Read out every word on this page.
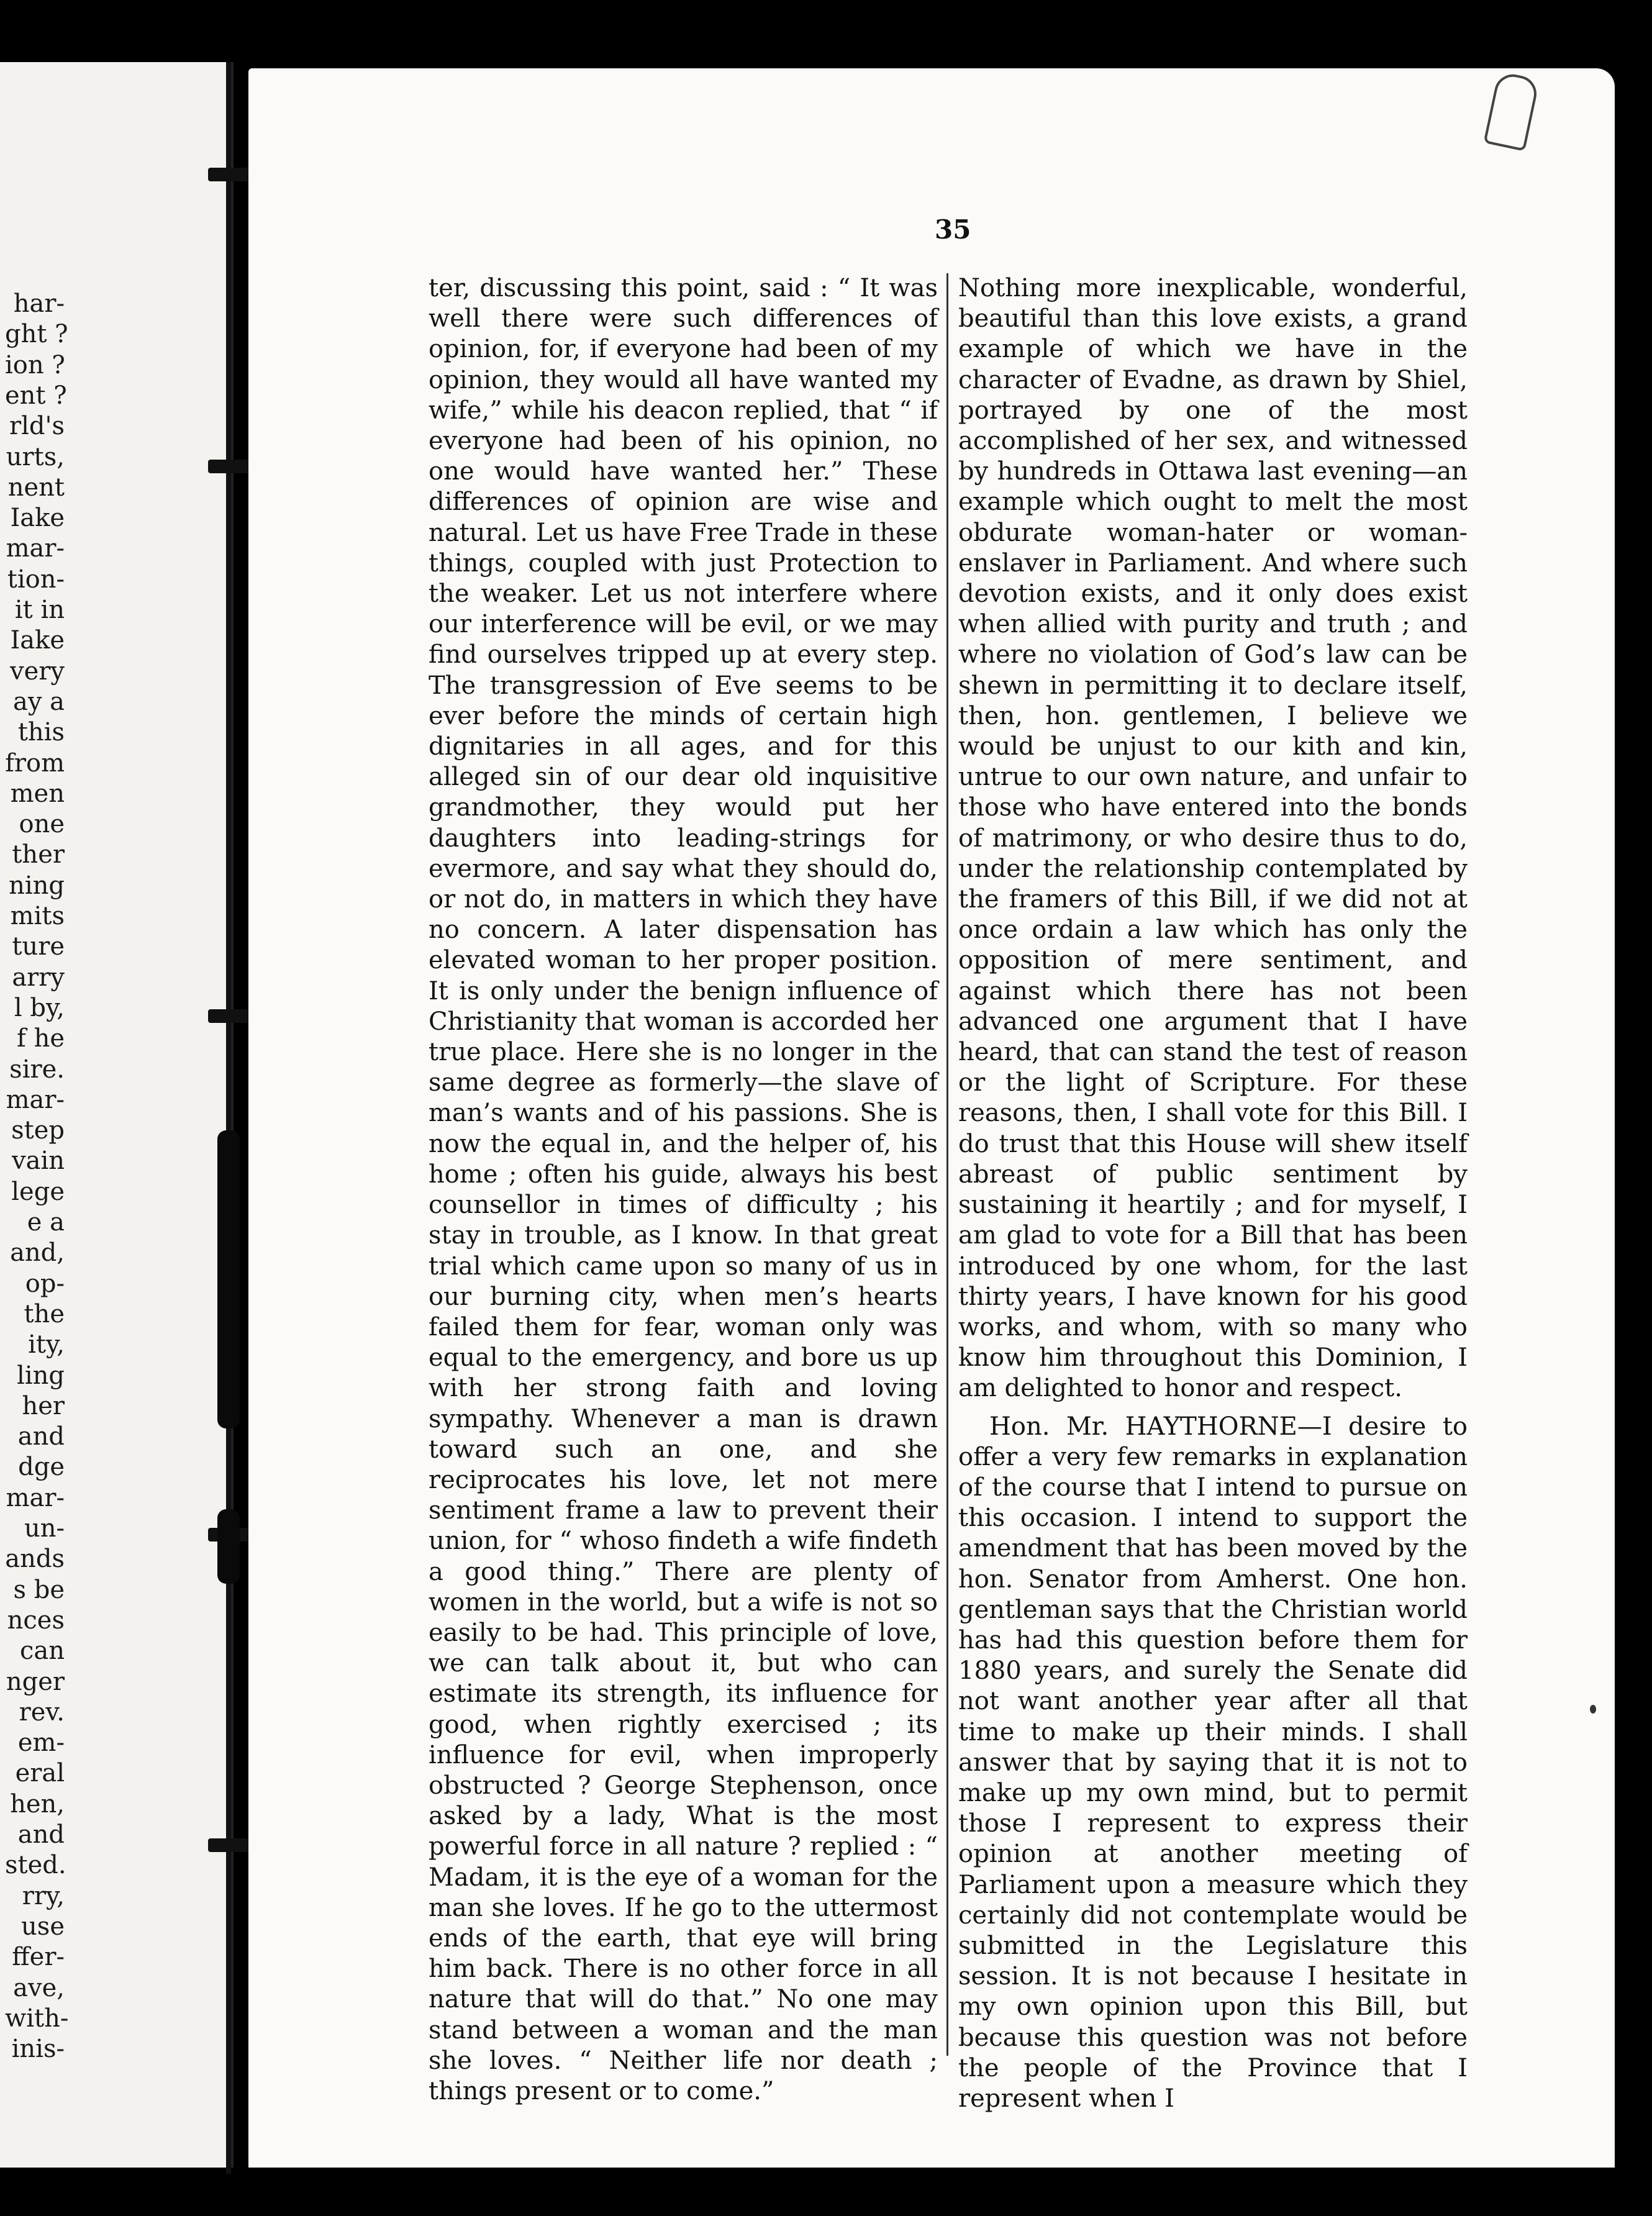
har-
ght ?
ion ?
ent ?
rld's
urts,
nent
Iake
mar-
tion-
it in
Iake
very
ay a
this
from
men
one
ther
ning
mits
ture
arry
l by,
f he
sire.
mar-
step
vain
lege
e a
and,
op-
the
ity,
ling
her
and
dge
mar-
un-
ands
s be
nces
can
nger
rev.
em-
eral
hen,
and
sted.
rry,
use
ffer-
ave,
with-
inis-
35

ter, discussing this point, said : “ It was well there were such differences of opinion, for, if everyone had been of my opinion, they would all have wanted my wife,” while his deacon replied, that “ if everyone had been of his opinion, no one would have wanted her.” These differences of opinion are wise and natural. Let us have Free Trade in these things, coupled with just Protection to the weaker. Let us not interfere where our interference will be evil, or we may find ourselves tripped up at every step. The transgression of Eve seems to be ever before the minds of certain high dignitaries in all ages, and for this alleged sin of our dear old inquisitive grandmother, they would put her daughters into leading-strings for evermore, and say what they should do, or not do, in matters in which they have no concern. A later dispensation has elevated woman to her proper position. It is only under the benign influence of Christianity that woman is accorded her true place. Here she is no longer in the same degree as formerly—the slave of man’s wants and of his passions. She is now the equal in, and the helper of, his home ; often his guide, always his best counsellor in times of difficulty ; his stay in trouble, as I know. In that great trial which came upon so many of us in our burning city, when men’s hearts failed them for fear, woman only was equal to the emergency, and bore us up with her strong faith and loving sympathy. Whenever a man is drawn toward such an one, and she reciprocates his love, let not mere sentiment frame a law to prevent their union, for “ whoso findeth a wife findeth a good thing.” There are plenty of women in the world, but a wife is not so easily to be had. This principle of love, we can talk about it, but who can estimate its strength, its influence for good, when rightly exercised ; its influence for evil, when improperly obstructed ? George Stephenson, once asked by a lady, What is the most powerful force in all nature ? replied : “ Madam, it is the eye of a woman for the man she loves. If he go to the uttermost ends of the earth, that eye will bring him back. There is no other force in all nature that will do that.” No one may stand between a woman and the man she loves. “ Neither life nor death ; things present or to come.”

Nothing more inexplicable, wonderful, beautiful than this love exists, a grand example of which we have in the character of Evadne, as drawn by Shiel, portrayed by one of the most accomplished of her sex, and witnessed by hundreds in Ottawa last evening—an example which ought to melt the most obdurate woman-hater or woman-enslaver in Parliament. And where such devotion exists, and it only does exist when allied with purity and truth ; and where no violation of God’s law can be shewn in permitting it to declare itself, then, hon. gentlemen, I believe we would be unjust to our kith and kin, untrue to our own nature, and unfair to those who have entered into the bonds of matrimony, or who desire thus to do, under the relationship contemplated by the framers of this Bill, if we did not at once ordain a law which has only the opposition of mere sentiment, and against which there has not been advanced one argument that I have heard, that can stand the test of reason or the light of Scripture. For these reasons, then, I shall vote for this Bill. I do trust that this House will shew itself abreast of public sentiment by sustaining it heartily ; and for myself, I am glad to vote for a Bill that has been introduced by one whom, for the last thirty years, I have known for his good works, and whom, with so many who know him throughout this Dominion, I am delighted to honor and respect.

Hon. Mr. HAYTHORNE—I desire to offer a very few remarks in explanation of the course that I intend to pursue on this occasion. I intend to support the amendment that has been moved by the hon. Senator from Amherst. One hon. gentleman says that the Christian world has had this question before them for 1880 years, and surely the Senate did not want another year after all that time to make up their minds. I shall answer that by saying that it is not to make up my own mind, but to permit those I represent to express their opinion at another meeting of Parliament upon a measure which they certainly did not contemplate would be submitted in the Legislature this session. It is not because I hesitate in my own opinion upon this Bill, but because this question was not before the people of the Province that I represent when I
